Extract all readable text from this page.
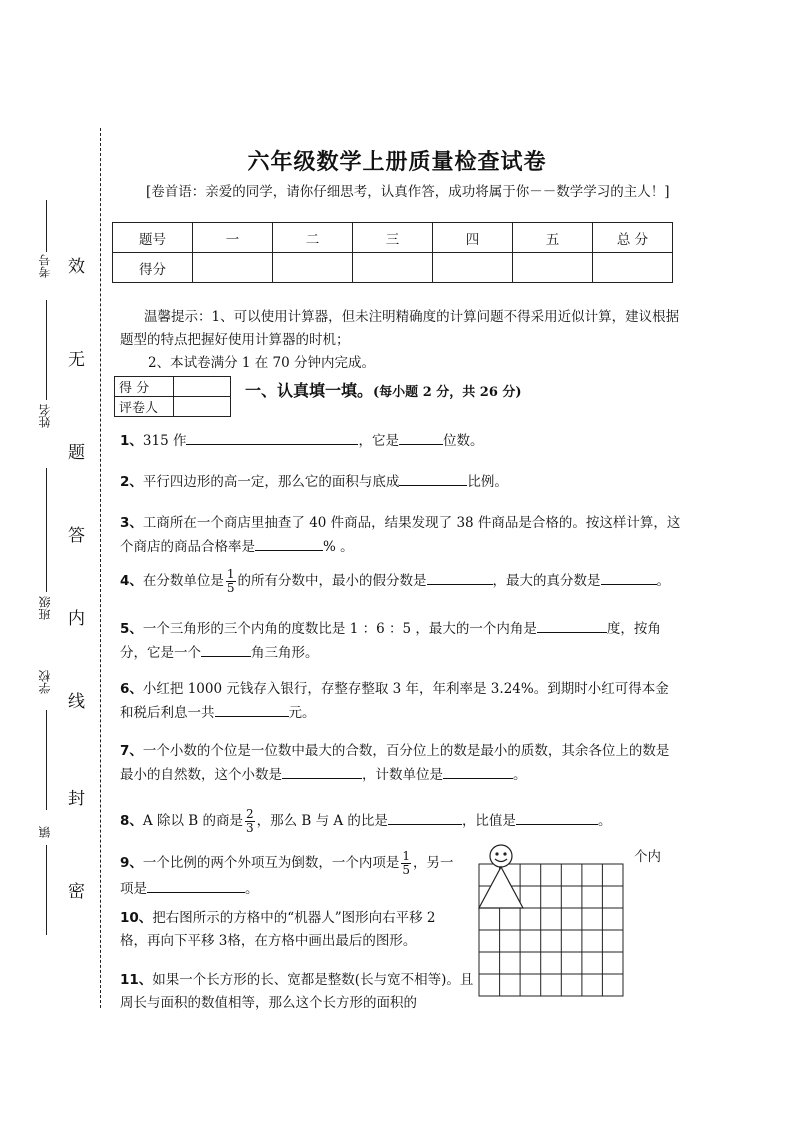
考号
姓名
班级
学校
镇
效
无
题
答
内
线
封
密
六年级数学上册质量检查试卷
[卷首语：亲爱的同学，请你仔细思考，认真作答，成功将属于你－－数学学习的主人！]
题号	一	二	三	四	五	总 分
得分						

温馨提示：1、可以使用计算器，但未注明精确度的计算问题不得采用近似计算，建议根据题型的特点把握好使用计算器的时机；

2、本试卷满分 1 在 70 分钟内完成。

得 分	
评卷人	
一、认真填一填。(每小题 2 分，共 26 分)
1、315 作	，它是	位数。
2、平行四边形的高一定，那么它的面积与底成	比例。
3、工商所在一个商店里抽查了 40 件商品，结果发现了 38 件商品是合格的。按这样计算，这个商店的商品合格率是	% 。
4、在分数单位是 $\frac{1}{5}$ 的所有分数中，最小的假分数是	，最大的真分数是	。
5、一个三角形的三个内角的度数比是 1 ：6 ：5 ，最大的一个内角是	度，按角分，它是一个	角三角形。
6、小红把 1000 元钱存入银行，存整存整取 3 年，年利率是 3.24%。到期时小红可得本金和税后利息一共	元。
7、一个小数的个位是一位数中最大的合数，百分位上的数是最小的质数，其余各位上的数是最小的自然数，这个小数是	，计数单位是	。
8、A 除以 B 的商是 $\frac{2}{3}$ ，那么 B 与 A 的比是	，比值是	。
9、一个比例的两个外项互为倒数，一个内项是 $\frac{1}{5}$ ，另一
项是	。
个内
10、把右图所示的方格中的“机器人”图形向右平移 2格，再向下平移 3格，在方格中画出最后的图形。
11、如果一个长方形的长、宽都是整数(长与宽不相等)。且周长与面积的数值相等，那么这个长方形的面积的
